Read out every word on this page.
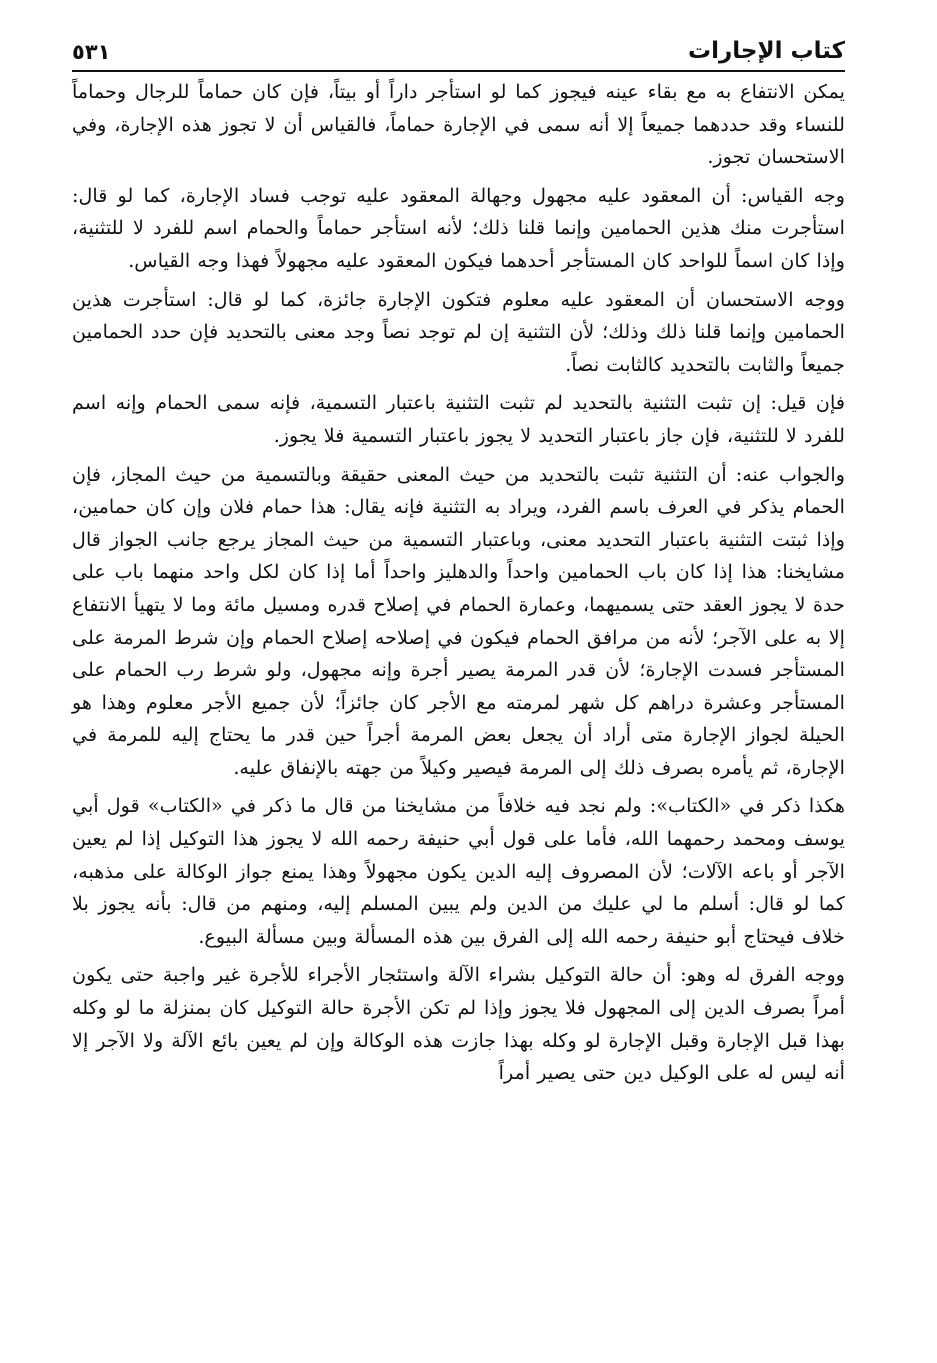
كتاب الإجارات
٥٣١

يمكن الانتفاع به مع بقاء عينه فيجوز كما لو استأجر داراً أو بيتاً، فإن كان حماماً للرجال وحماماً للنساء وقد حددهما جميعاً إلا أنه سمى في الإجارة حماماً، فالقياس أن لا تجوز هذه الإجارة، وفي الاستحسان تجوز.

وجه القياس: أن المعقود عليه مجهول وجهالة المعقود عليه توجب فساد الإجارة، كما لو قال: استأجرت منك هذين الحمامين وإنما قلنا ذلك؛ لأنه استأجر حماماً والحمام اسم للفرد لا للتثنية، وإذا كان اسماً للواحد كان المستأجر أحدهما فيكون المعقود عليه مجهولاً فهذا وجه القياس.

ووجه الاستحسان أن المعقود عليه معلوم فتكون الإجارة جائزة، كما لو قال: استأجرت هذين الحمامين وإنما قلنا ذلك وذلك؛ لأن التثنية إن لم توجد نصاً وجد معنى بالتحديد فإن حدد الحمامين جميعاً والثابت بالتحديد كالثابت نصاً.

فإن قيل: إن تثبت التثنية بالتحديد لم تثبت التثنية باعتبار التسمية، فإنه سمى الحمام وإنه اسم للفرد لا للتثنية، فإن جاز باعتبار التحديد لا يجوز باعتبار التسمية فلا يجوز.

والجواب عنه: أن التثنية تثبت بالتحديد من حيث المعنى حقيقة وبالتسمية من حيث المجاز، فإن الحمام يذكر في العرف باسم الفرد، ويراد به التثنية فإنه يقال: هذا حمام فلان وإن كان حمامين، وإذا ثبتت التثنية باعتبار التحديد معنى، وباعتبار التسمية من حيث المجاز يرجع جانب الجواز قال مشايخنا: هذا إذا كان باب الحمامين واحداً والدهليز واحداً أما إذا كان لكل واحد منهما باب على حدة لا يجوز العقد حتى يسميهما، وعمارة الحمام في إصلاح قدره ومسيل مائة وما لا يتهيأ الانتفاع إلا به على الآجر؛ لأنه من مرافق الحمام فيكون في إصلاحه إصلاح الحمام وإن شرط المرمة على المستأجر فسدت الإجارة؛ لأن قدر المرمة يصير أجرة وإنه مجهول، ولو شرط رب الحمام على المستأجر وعشرة دراهم كل شهر لمرمته مع الأجر كان جائزاً؛ لأن جميع الأجر معلوم وهذا هو الحيلة لجواز الإجارة متى أراد أن يجعل بعض المرمة أجراً حين قدر ما يحتاج إليه للمرمة في الإجارة، ثم يأمره بصرف ذلك إلى المرمة فيصير وكيلاً من جهته بالإنفاق عليه.

هكذا ذكر في «الكتاب»: ولم نجد فيه خلافاً من مشايخنا من قال ما ذكر في «الكتاب» قول أبي يوسف ومحمد رحمهما الله، فأما على قول أبي حنيفة رحمه الله لا يجوز هذا التوكيل إذا لم يعين الآجر أو باعه الآلات؛ لأن المصروف إليه الدين يكون مجهولاً وهذا يمنع جواز الوكالة على مذهبه، كما لو قال: أسلم ما لي عليك من الدين ولم يبين المسلم إليه، ومنهم من قال: بأنه يجوز بلا خلاف فيحتاج أبو حنيفة رحمه الله إلى الفرق بين هذه المسألة وبين مسألة البيوع.

ووجه الفرق له وهو: أن حالة التوكيل بشراء الآلة واستئجار الأجراء للأجرة غير واجبة حتى يكون أمراً بصرف الدين إلى المجهول فلا يجوز وإذا لم تكن الأجرة حالة التوكيل كان بمنزلة ما لو وكله بهذا قبل الإجارة وقبل الإجارة لو وكله بهذا جازت هذه الوكالة وإن لم يعين بائع الآلة ولا الآجر إلا أنه ليس له على الوكيل دين حتى يصير أمراً
